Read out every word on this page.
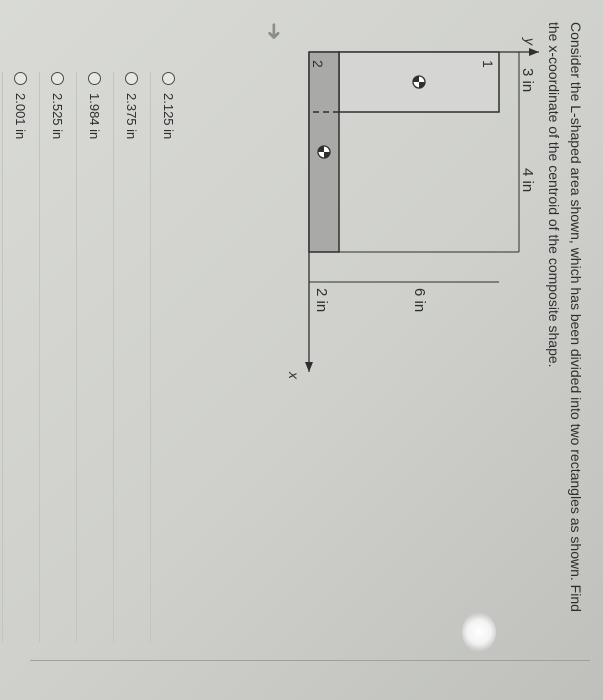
➜	Consider the L-shaped area shown, which has been divided into two rectangles as shown. Find the x-coordinate of the centroid of the composite shape.
y
x
1
2
3 in
4 in
6 in
2 in
2.125 in
2.375 in
1.984 in
2.525 in
2.001 in
